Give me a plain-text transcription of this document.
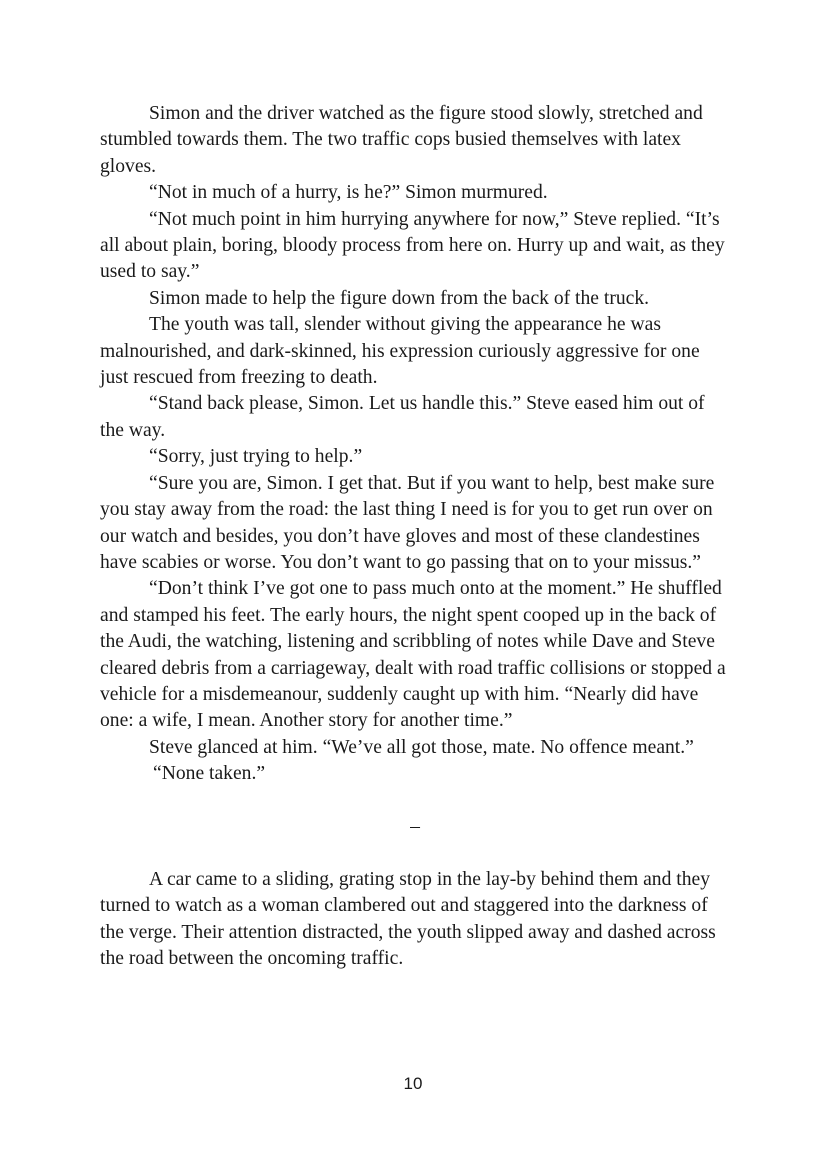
Simon and the driver watched as the figure stood slowly, stretched and stumbled towards them. The two traffic cops busied themselves with latex gloves.

“Not in much of a hurry, is he?” Simon murmured.

“Not much point in him hurrying anywhere for now,” Steve replied. “It’s all about plain, boring, bloody process from here on. Hurry up and wait, as they used to say.”

Simon made to help the figure down from the back of the truck.

The youth was tall, slender without giving the appearance he was malnourished, and dark-skinned, his expression curiously aggressive for one just rescued from freezing to death.

“Stand back please, Simon. Let us handle this.” Steve eased him out of the way.

“Sorry, just trying to help.”

“Sure you are, Simon. I get that. But if you want to help, best make sure you stay away from the road: the last thing I need is for you to get run over on our watch and besides, you don’t have gloves and most of these clandestines have scabies or worse. You don’t want to go passing that on to your missus.”

“Don’t think I’ve got one to pass much onto at the moment.” He shuffled and stamped his feet. The early hours, the night spent cooped up in the back of the Audi, the watching, listening and scribbling of notes while Dave and Steve cleared debris from a carriageway, dealt with road traffic collisions or stopped a vehicle for a misdemeanour, suddenly caught up with him. “Nearly did have one: a wife, I mean. Another story for another time.”

Steve glanced at him. “We’ve all got those, mate. No offence meant.”

“None taken.”

–

A car came to a sliding, grating stop in the lay-by behind them and they turned to watch as a woman clambered out and staggered into the darkness of the verge. Their attention distracted, the youth slipped away and dashed across the road between the oncoming traffic.

10
